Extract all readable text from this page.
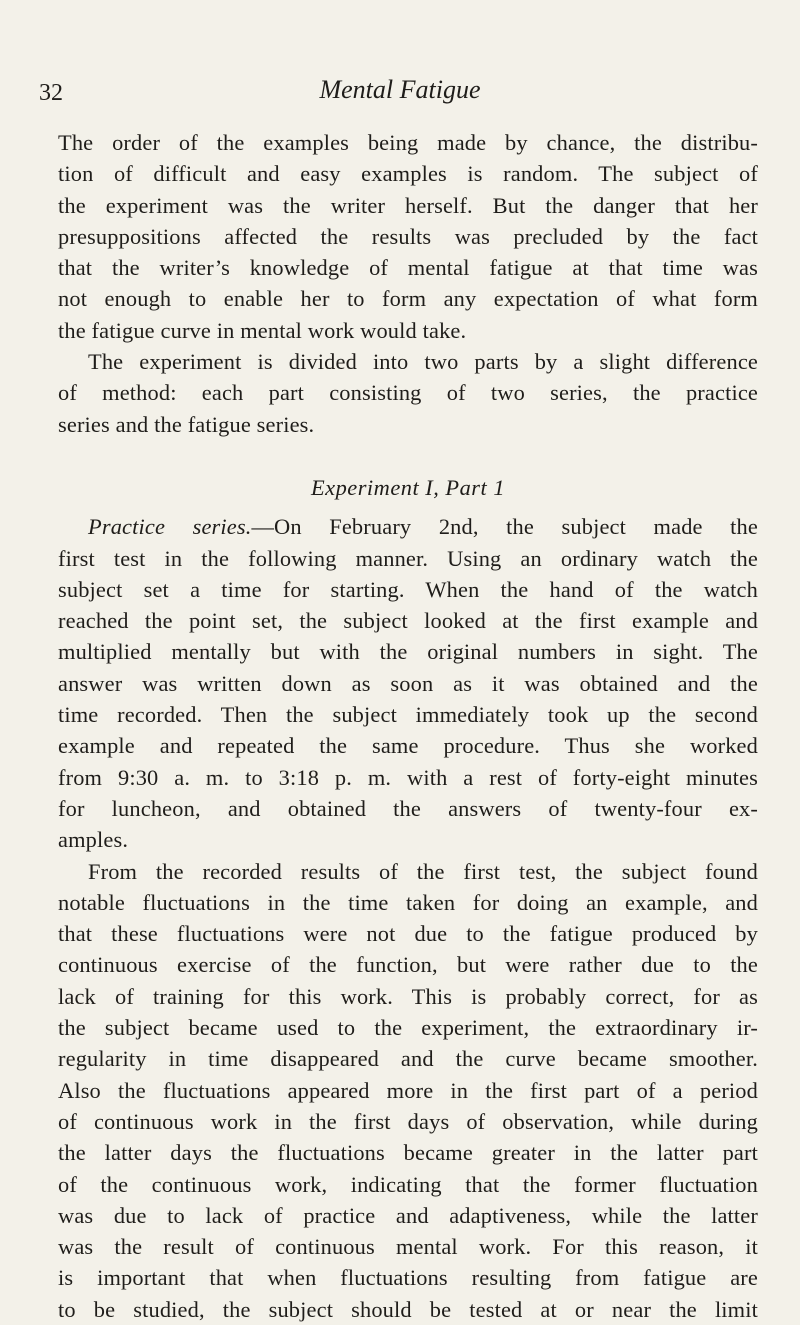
32	Mental Fatigue
The order of the examples being made by chance, the distribu-
tion of difficult and easy examples is random. The subject of
the experiment was the writer herself. But the danger that her
presuppositions affected the results was precluded by the fact
that the writer’s knowledge of mental fatigue at that time was
not enough to enable her to form any expectation of what form
the fatigue curve in mental work would take.
The experiment is divided into two parts by a slight difference
of method: each part consisting of two series, the practice
series and the fatigue series.
Experiment I, Part 1
Practice series.—On February 2nd, the subject made the
first test in the following manner. Using an ordinary watch the
subject set a time for starting. When the hand of the watch
reached the point set, the subject looked at the first example and
multiplied mentally but with the original numbers in sight. The
answer was written down as soon as it was obtained and the
time recorded. Then the subject immediately took up the second
example and repeated the same procedure. Thus she worked
from 9:30 a. m. to 3:18 p. m. with a rest of forty-eight minutes
for luncheon, and obtained the answers of twenty-four ex-
amples.
From the recorded results of the first test, the subject found
notable fluctuations in the time taken for doing an example, and
that these fluctuations were not due to the fatigue produced by
continuous exercise of the function, but were rather due to the
lack of training for this work. This is probably correct, for as
the subject became used to the experiment, the extraordinary ir-
regularity in time disappeared and the curve became smoother.
Also the fluctuations appeared more in the first part of a period
of continuous work in the first days of observation, while during
the latter days the fluctuations became greater in the latter part
of the continuous work, indicating that the former fluctuation
was due to lack of practice and adaptiveness, while the latter
was the result of continuous mental work. For this reason, it
is important that when fluctuations resulting from fatigue are
to be studied, the subject should be tested at or near the limit
